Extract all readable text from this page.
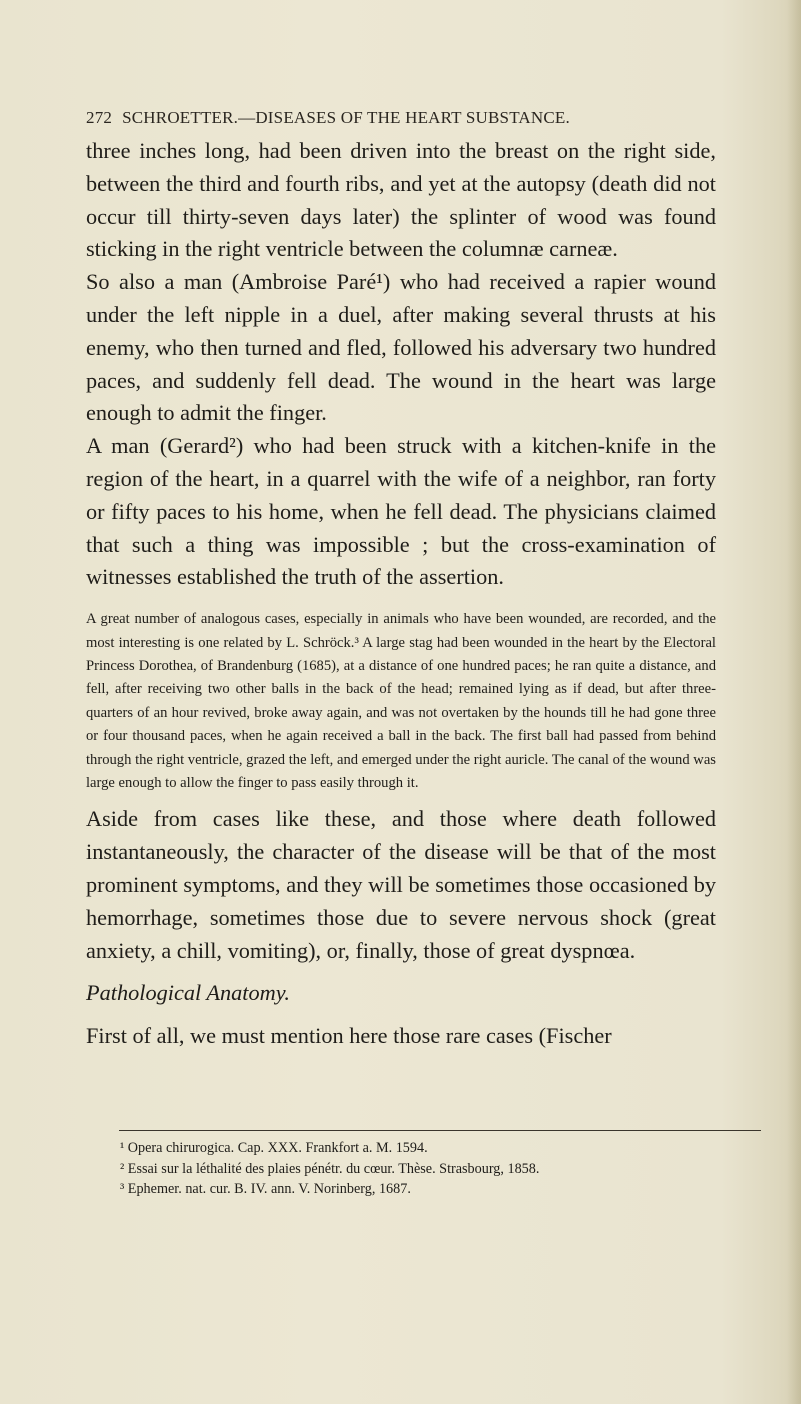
272 SCHROETTER.—DISEASES OF THE HEART SUBSTANCE.

three inches long, had been driven into the breast on the right side, between the third and fourth ribs, and yet at the autopsy (death did not occur till thirty-seven days later) the splinter of wood was found sticking in the right ventricle between the columnæ carneæ.

So also a man (Ambroise Paré¹) who had received a rapier wound under the left nipple in a duel, after making several thrusts at his enemy, who then turned and fled, followed his adversary two hundred paces, and suddenly fell dead. The wound in the heart was large enough to admit the finger.

A man (Gerard²) who had been struck with a kitchen-knife in the region of the heart, in a quarrel with the wife of a neighbor, ran forty or fifty paces to his home, when he fell dead. The physicians claimed that such a thing was impossible ; but the cross-examination of witnesses established the truth of the assertion.

A great number of analogous cases, especially in animals who have been wounded, are recorded, and the most interesting is one related by L. Schröck.³ A large stag had been wounded in the heart by the Electoral Princess Dorothea, of Brandenburg (1685), at a distance of one hundred paces; he ran quite a distance, and fell, after receiving two other balls in the back of the head; remained lying as if dead, but after three-quarters of an hour revived, broke away again, and was not overtaken by the hounds till he had gone three or four thousand paces, when he again received a ball in the back. The first ball had passed from behind through the right ventricle, grazed the left, and emerged under the right auricle. The canal of the wound was large enough to allow the finger to pass easily through it.

Aside from cases like these, and those where death followed instantaneously, the character of the disease will be that of the most prominent symptoms, and they will be sometimes those occasioned by hemorrhage, sometimes those due to severe nervous shock (great anxiety, a chill, vomiting), or, finally, those of great dyspnœa.

Pathological Anatomy.

First of all, we must mention here those rare cases (Fischer

¹ Opera chirurogica. Cap. XXX. Frankfort a. M. 1594.
² Essai sur la léthalité des plaies pénétr. du cœur. Thèse. Strasbourg, 1858.
³ Ephemer. nat. cur. B. IV. ann. V. Norinberg, 1687.
